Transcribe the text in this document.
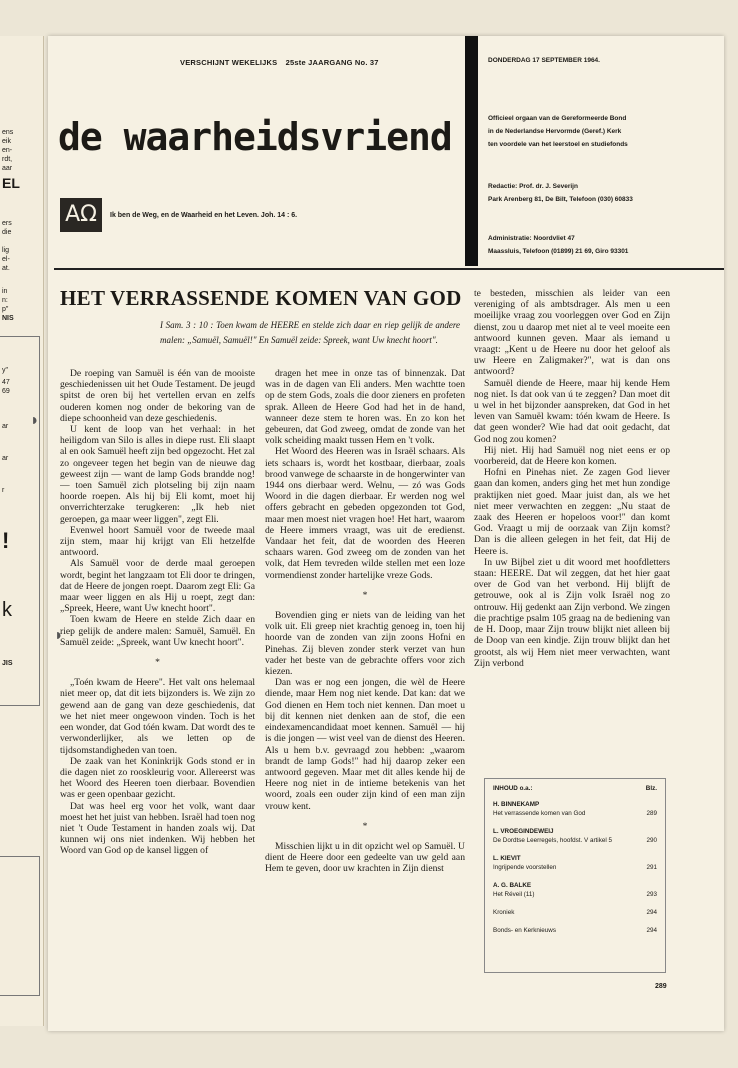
ens
eik
en-
rdt,
aar
EL
ers
die
lig
el-
at.
in
n:
p"
NIS
y"
47
69
ar
ar
r
!
k
JIS
VERSCHIJNT WEKELIJKS 25ste JAARGANG No. 37	DONDERDAG 17 SEPTEMBER 1964.
de waarheidsvriend
AΩ	Ik ben de Weg, en de Waarheid en het Leven. Joh. 14 : 6.
Officieel orgaan van de Gereformeerde Bond
in de Nederlandse Hervormde (Geref.) Kerk
ten voordele van het leerstoel en studiefonds
Redactie: Prof. dr. J. Severijn
Park Arenberg 81, De Bilt, Telefoon (030) 60833
Administratie: Noordvliet 47
Maassluis, Telefoon (01899) 21 69, Giro 93301
HET VERRASSENDE KOMEN VAN GOD
I Sam. 3 : 10 : Toen kwam de HEERE en stelde zich daar en riep gelijk de andere malen: „Samuël, Samuël!" En Samuël zeide: Spreek, want Uw knecht hoort".

De roeping van Samuël is één van de mooiste geschiedenissen uit het Oude Testament. De jeugd spitst de oren bij het vertellen ervan en zelfs ouderen komen nog onder de bekoring van de diepe schoonheid van deze geschiedenis.

U kent de loop van het verhaal: in het heiligdom van Silo is alles in diepe rust. Eli slaapt al en ook Samuël heeft zijn bed opgezocht. Het zal zo ongeveer tegen het begin van de nieuwe dag geweest zijn — want de lamp Gods brandde nog! — toen Samuël zich plotseling bij zijn naam hoorde roepen. Als hij bij Eli komt, moet hij onverrichterzake terugkeren: „Ik heb niet geroepen, ga maar weer liggen", zegt Eli.

Evenwel hoort Samuël voor de tweede maal zijn stem, maar hij krijgt van Eli hetzelfde antwoord.

Als Samuël voor de derde maal geroepen wordt, begint het langzaam tot Eli door te dringen, dat de Heere de jongen roept. Daarom zegt Eli: Ga maar weer liggen en als Hij u roept, zegt dan: „Spreek, Heere, want Uw knecht hoort".

Toen kwam de Heere en stelde Zich daar en riep gelijk de andere malen: Samuël, Samuël. En Samuël zeide: „Spreek, want Uw knecht hoort".

*

„Toén kwam de Heere". Het valt ons helemaal niet meer op, dat dit iets bijzonders is. We zijn zo gewend aan de gang van deze geschiedenis, dat we het niet meer ongewoon vinden. Toch is het een wonder, dat God tóén kwam. Dat wordt des te verwonderlijker, als we letten op de tijdsomstandigheden van toen.

De zaak van het Koninkrijk Gods stond er in die dagen niet zo rooskleurig voor. Allereerst was het Woord des Heeren toen dierbaar. Bovendien was er geen openbaar gezicht.

Dat was heel erg voor het volk, want daar moest het het juist van hebben. Israël had toen nog niet 't Oude Testament in handen zoals wij. Dat kunnen wij ons niet indenken. Wij hebben het Woord van God op de kansel liggen of

dragen het mee in onze tas of binnenzak. Dat was in de dagen van Eli anders. Men wachtte toen op de stem Gods, zoals die door zieners en profeten sprak. Alleen de Heere God had het in de hand, wanneer deze stem te horen was. En zo kon het gebeuren, dat God zweeg, omdat de zonde van het volk scheiding maakt tussen Hem en 't volk.

Het Woord des Heeren was in Israël schaars. Als iets schaars is, wordt het kostbaar, dierbaar, zoals brood vanwege de schaarste in de hongerwinter van 1944 ons dierbaar werd. Welnu, — zó was Gods Woord in die dagen dierbaar. Er werden nog wel offers gebracht en gebeden opgezonden tot God, maar men moest niet vragen hoe! Het hart, waarom de Heere immers vraagt, was uit de eredienst. Vandaar het feit, dat de woorden des Heeren schaars waren. God zweeg om de zonden van het volk, dat Hem tevreden wilde stellen met een loze vormendienst zonder hartelijke vreze Gods.

*

Bovendien ging er niets van de leiding van het volk uit. Eli greep niet krachtig genoeg in, toen hij hoorde van de zonden van zijn zoons Hofni en Pinehas. Zij bleven zonder sterk verzet van hun vader het beste van de gebrachte offers voor zich kiezen.

Dan was er nog een jongen, die wèl de Heere diende, maar Hem nog niet kende. Dat kan: dat we God dienen en Hem toch niet kennen. Dan moet u bij dit kennen niet denken aan de stof, die een eindexamencandidaat moet kennen. Samuël — hij is die jongen — wist veel van de dienst des Heeren. Als u hem b.v. gevraagd zou hebben: „waarom brandt de lamp Gods!" had hij daarop zeker een antwoord gegeven. Maar met dit alles kende hij de Heere nog niet in de intieme betekenis van het woord, zoals een ouder zijn kind of een man zijn vrouw kent.

*

Misschien lijkt u in dit opzicht wel op Samuël. U dient de Heere door een gedeelte van uw geld aan Hem te geven, door uw krachten in Zijn dienst

te besteden, misschien als leider van een vereniging of als ambtsdrager. Als men u een moeilijke vraag zou voorleggen over God en Zijn dienst, zou u daarop met niet al te veel moeite een antwoord kunnen geven. Maar als iemand u vraagt: „Kent u de Heere nu door het geloof als uw Heere en Zaligmaker?", wat is dan ons antwoord?

Samuël diende de Heere, maar hij kende Hem nog niet. Is dat ook van ú te zeggen? Dan moet dit u wel in het bijzonder aanspreken, dat God in het leven van Samuël kwam: tóén kwam de Heere. Is dat geen wonder? Wie had dat ooit gedacht, dat God nog zou komen?

Hij niet. Hij had Samuël nog niet eens er op voorbereid, dat de Heere kon komen.

Hofni en Pinehas niet. Ze zagen God liever gaan dan komen, anders ging het met hun zondige praktijken niet goed. Maar juist dan, als we het niet meer verwachten en zeggen: „Nu staat de zaak des Heeren er hopeloos voor!" dan komt God. Vraagt u mij de oorzaak van Zijn komst? Dan is die alleen gelegen in het feit, dat Hij de Heere is.

In uw Bijbel ziet u dit woord met hoofdletters staan: HEERE. Dat wil zeggen, dat het hier gaat over de God van het verbond. Hij blijft de getrouwe, ook al is Zijn volk Israël nog zo ontrouw. Hij gedenkt aan Zijn verbond. We zingen die prachtige psalm 105 graag na de bediening van de H. Doop, maar Zijn trouw blijkt niet alleen bij de Doop van een kindje. Zijn trouw blijkt dan het grootst, als wij Hem niet meer verwachten, want Zijn verbond

INHOUD o.a.:	Blz.
H. BINNEKAMP
Het verrassende komen van God	289
L. VROEGINDEWEIJ
De Dordtse Leerregels, hoofdst. V artikel 5	290
L. KIEVIT
Ingrijpende voorstellen	291
A. G. BALKE
Het Réveil (11)	293
Kroniek	294
Bonds- en Kerknieuws	294
289
◗
◗
